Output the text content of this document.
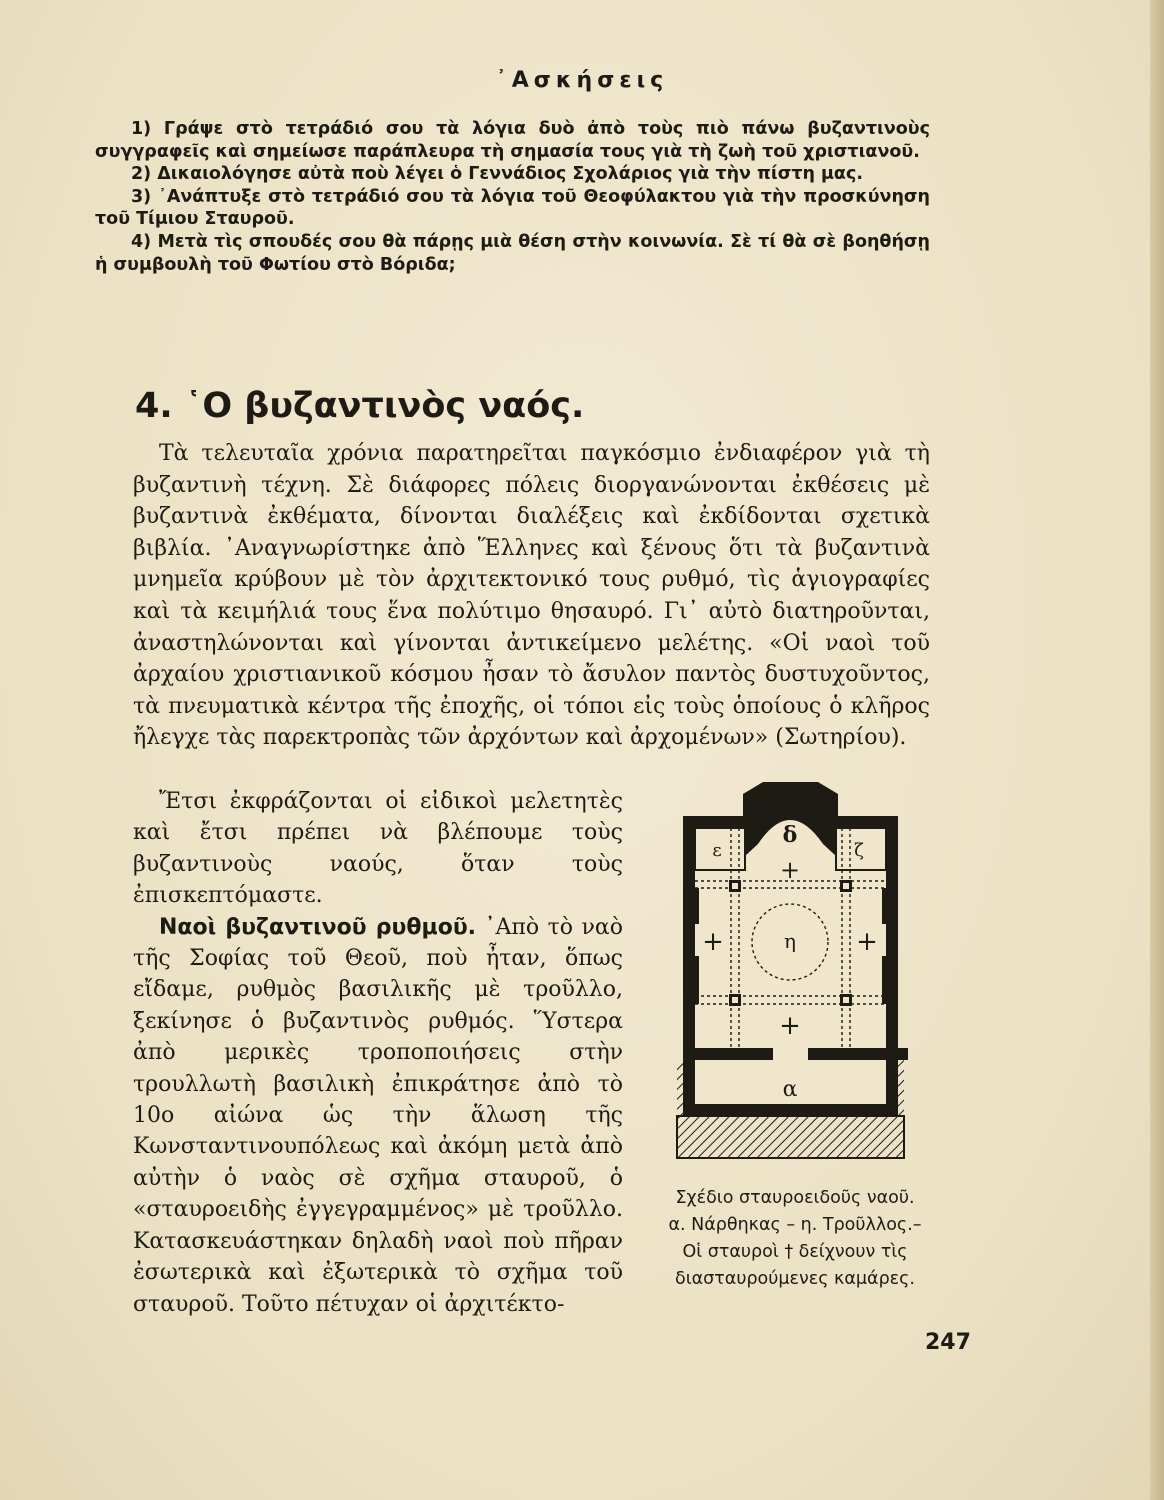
᾿Ασκήσεις

1) Γράψε στὸ τετράδιό σου τὰ λόγια δυὸ ἀπὸ τοὺς πιὸ πάνω βυζαντινοὺς συγγραφεῖς καὶ σημείωσε παράπλευρα τὴ σημασία τους γιὰ τὴ ζωὴ τοῦ χριστιανοῦ.

2) Δικαιολόγησε αὐτὰ ποὺ λέγει ὁ Γεννάδιος Σχολάριος γιὰ τὴν πίστη μας.

3) ᾿Ανάπτυξε στὸ τετράδιό σου τὰ λόγια τοῦ Θεοφύλακτου γιὰ τὴν προσκύνηση τοῦ Τίμιου Σταυροῦ.

4) Μετὰ τὶς σπουδές σου θὰ πάρῃς μιὰ θέση στὴν κοινωνία. Σὲ τί θὰ σὲ βοηθήσῃ ἡ συμβουλὴ τοῦ Φωτίου στὸ Βόριδα;

4. ῾Ο βυζαντινὸς ναός.

Τὰ τελευταῖα χρόνια παρατηρεῖται παγκόσμιο ἐνδιαφέρον γιὰ τὴ βυζαντινὴ τέχνη. Σὲ διάφορες πόλεις διοργανώνονται ἐκθέσεις μὲ βυζαντινὰ ἐκθέματα, δίνονται διαλέξεις καὶ ἐκδίδονται σχετικὰ βιβλία. ᾿Αναγνωρίστηκε ἀπὸ Ἕλληνες καὶ ξένους ὅτι τὰ βυζαντινὰ μνημεῖα κρύβουν μὲ τὸν ἀρχιτεκτονικό τους ρυθμό, τὶς ἁγιογραφίες καὶ τὰ κειμήλιά τους ἕνα πολύτιμο θησαυρό. Γι᾿ αὐτὸ διατηροῦνται, ἀναστηλώνονται καὶ γίνονται ἀντικείμενο μελέτης. «Οἱ ναοὶ τοῦ ἀρχαίου χριστιανικοῦ κόσμου ἦσαν τὸ ἄσυλον παντὸς δυστυχοῦντος, τὰ πνευματικὰ κέντρα τῆς ἐποχῆς, οἱ τόποι εἰς τοὺς ὁποίους ὁ κλῆρος ἤλεγχε τὰς παρεκτροπὰς τῶν ἀρχόντων καὶ ἀρχομένων» (Σωτηρίου).

Ἔτσι ἐκφράζονται οἱ εἰδικοὶ μελετητὲς καὶ ἔτσι πρέπει νὰ βλέπουμε τοὺς βυζαντινοὺς ναούς, ὅταν τοὺς ἐπισκεπτόμαστε.

Ναοὶ βυζαντινοῦ ρυθμοῦ. ᾿Απὸ τὸ ναὸ τῆς Σοφίας τοῦ Θεοῦ, ποὺ ἦταν, ὅπως εἴδαμε, ρυθμὸς βασιλικῆς μὲ τροῦλλο, ξεκίνησε ὁ βυζαντινὸς ρυθμός. Ὕστερα ἀπὸ μερικὲς τροποποιήσεις στὴν τρουλλωτὴ βασιλικὴ ἐπικράτησε ἀπὸ τὸ 10ο αἰώνα ὡς τὴν ἅλωση τῆς Κωνσταντινουπόλεως καὶ ἀκόμη μετὰ ἀπὸ αὐτὴν ὁ ναὸς σὲ σχῆμα σταυροῦ, ὁ «σταυροειδὴς ἐγγεγραμμένος» μὲ τροῦλλο. Κατασκευάστηκαν δηλαδὴ ναοὶ ποὺ πῆραν ἐσωτερικὰ καὶ ἐξωτερικὰ τὸ σχῆμα τοῦ σταυροῦ. Τοῦτο πέτυχαν οἱ ἀρχιτέκτο-

δ
ε	ζ
η
α
+
+	+
+
Σχέδιο σταυροειδοῦς ναοῦ.
α. Νάρθηκας – η. Τροῦλλος.–
Οἱ σταυροὶ † δείχνουν τὶς
διασταυρούμενες καμάρες.
247
